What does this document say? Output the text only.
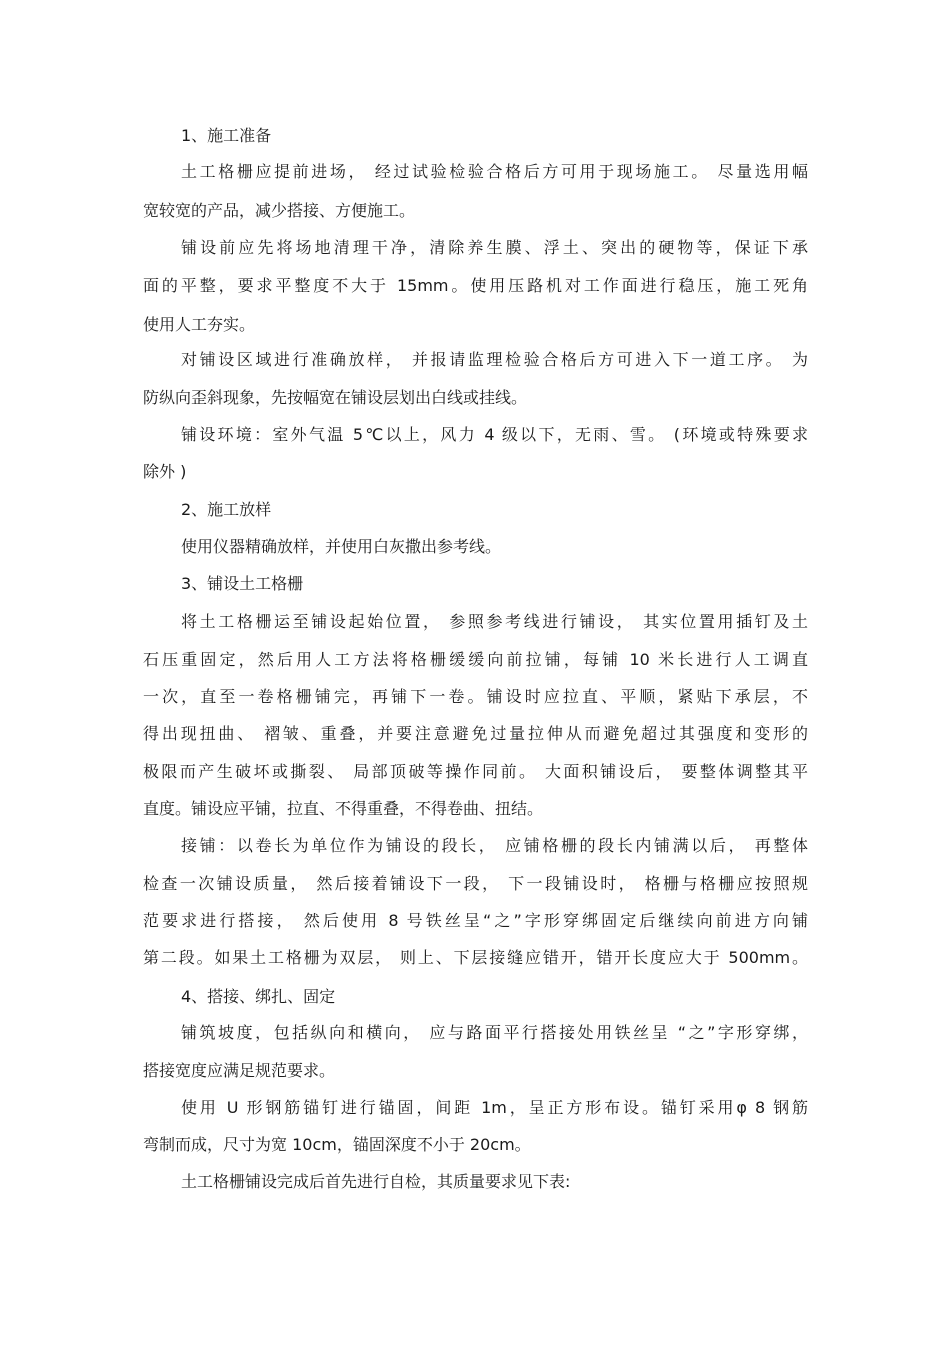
1、施工准备
土工格栅应提前进场， 经过试验检验合格后方可用于现场施工。 尽量选用幅
宽较宽的产品，减少搭接、方便施工。
铺设前应先将场地清理干净，清除养生膜、浮土、突出的硬物等，保证下承
面的平整，要求平整度不大于 15mm。使用压路机对工作面进行稳压，施工死角
使用人工夯实。
对铺设区域进行准确放样， 并报请监理检验合格后方可进入下一道工序。 为
防纵向歪斜现象，先按幅宽在铺设层划出白线或挂线。
铺设环境：室外气温 5℃以上，风力 4 级以下，无雨、雪。 (环境或特殊要求
除外 )
2、施工放样
使用仪器精确放样，并使用白灰撒出参考线。
3、铺设土工格栅
将土工格栅运至铺设起始位置， 参照参考线进行铺设， 其实位置用插钉及土
石压重固定，然后用人工方法将格栅缓缓向前拉铺，每铺 10 米长进行人工调直
一次，直至一卷格栅铺完，再铺下一卷。铺设时应拉直、平顺，紧贴下承层，不
得出现扭曲、 褶皱、重叠，并要注意避免过量拉伸从而避免超过其强度和变形的
极限而产生破坏或撕裂、 局部顶破等操作同前。 大面积铺设后， 要整体调整其平
直度。铺设应平铺，拉直、不得重叠，不得卷曲、扭结。
接铺：以卷长为单位作为铺设的段长， 应铺格栅的段长内铺满以后， 再整体
检查一次铺设质量， 然后接着铺设下一段， 下一段铺设时， 格栅与格栅应按照规
范要求进行搭接， 然后使用 8 号铁丝呈“之”字形穿绑固定后继续向前进方向铺
第二段。如果土工格栅为双层， 则上、下层接缝应错开，错开长度应大于 500mm。
4、搭接、绑扎、固定
铺筑坡度，包括纵向和横向， 应与路面平行搭接处用铁丝呈 “之”字形穿绑，
搭接宽度应满足规范要求。
使用 U 形钢筋锚钉进行锚固，间距 1m，呈正方形布设。锚钉采用φ 8 钢筋
弯制而成，尺寸为宽 10cm，锚固深度不小于 20cm。
土工格栅铺设完成后首先进行自检，其质量要求见下表:
